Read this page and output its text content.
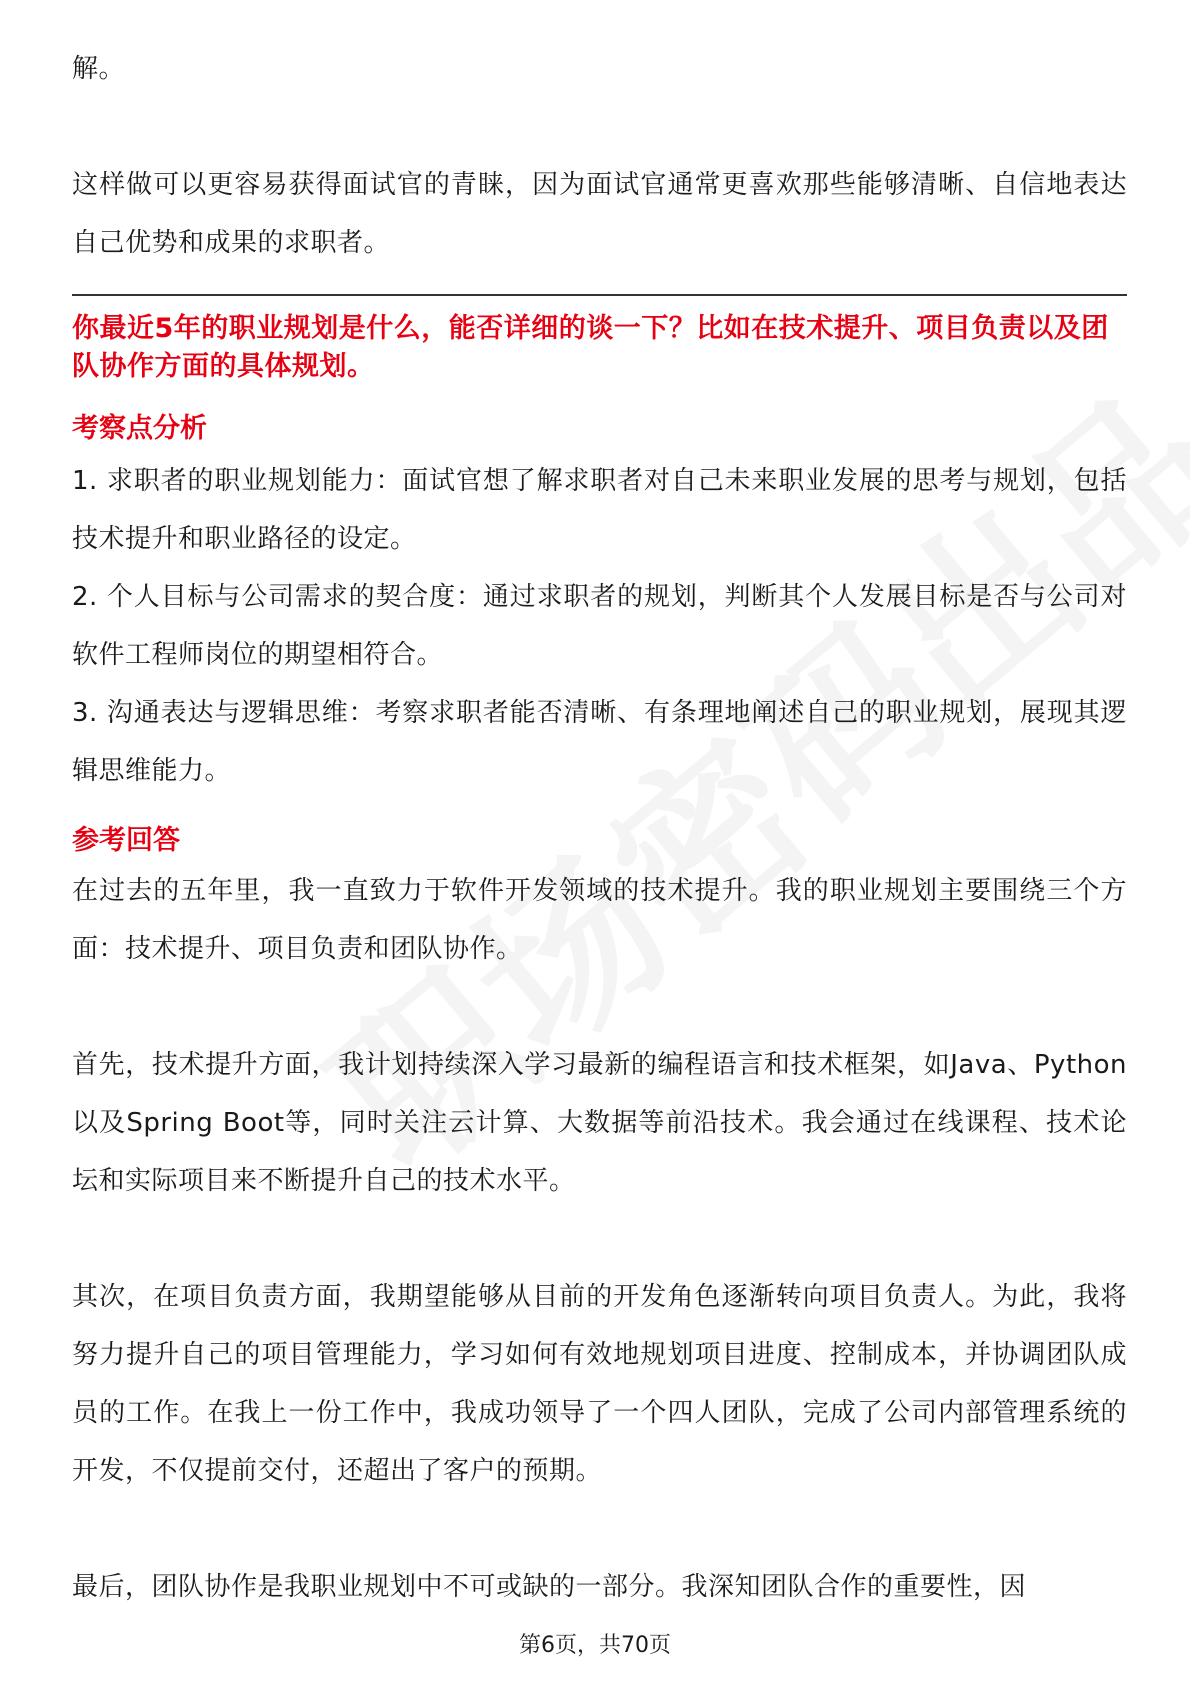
解。

这样做可以更容易获得面试官的青睐，因为面试官通常更喜欢那些能够清晰、自信地表达自己优势和成果的求职者。

你最近5年的职业规划是什么，能否详细的谈一下？比如在技术提升、项目负责以及团队协作方面的具体规划。

考察点分析

1. 求职者的职业规划能力：面试官想了解求职者对自己未来职业发展的思考与规划，包括技术提升和职业路径的设定。
2. 个人目标与公司需求的契合度：通过求职者的规划，判断其个人发展目标是否与公司对软件工程师岗位的期望相符合。
3. 沟通表达与逻辑思维：考察求职者能否清晰、有条理地阐述自己的职业规划，展现其逻辑思维能力。

参考回答

在过去的五年里，我一直致力于软件开发领域的技术提升。我的职业规划主要围绕三个方面：技术提升、项目负责和团队协作。

首先，技术提升方面，我计划持续深入学习最新的编程语言和技术框架，如Java、Python以及Spring Boot等，同时关注云计算、大数据等前沿技术。我会通过在线课程、技术论坛和实际项目来不断提升自己的技术水平。

其次，在项目负责方面，我期望能够从目前的开发角色逐渐转向项目负责人。为此，我将努力提升自己的项目管理能力，学习如何有效地规划项目进度、控制成本，并协调团队成员的工作。在我上一份工作中，我成功领导了一个四人团队，完成了公司内部管理系统的开发，不仅提前交付，还超出了客户的预期。

最后，团队协作是我职业规划中不可或缺的一部分。我深知团队合作的重要性，因

第6页，共70页
